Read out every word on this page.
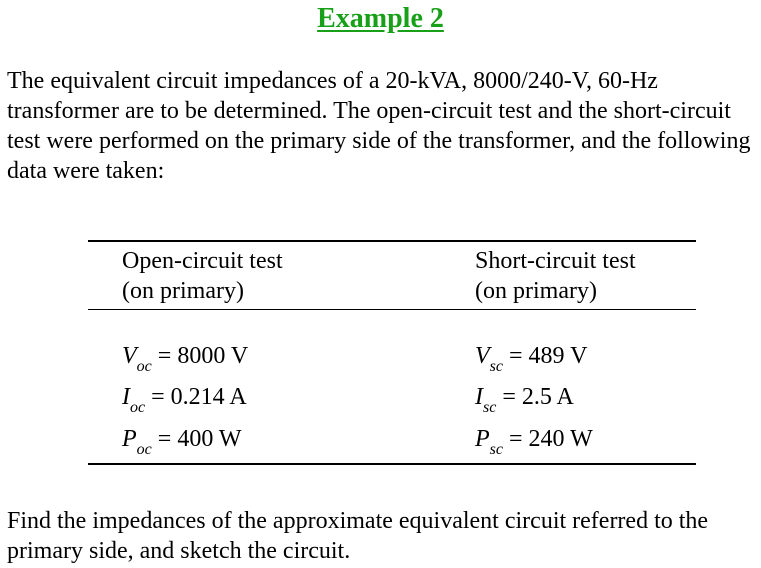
Example 2

The equivalent circuit impedances of a 20-kVA, 8000/240-V, 60-Hz transformer are to be determined. The open-circuit test and the short-circuit test were performed on the primary side of the transformer, and the following data were taken:

Open-circuit test
(on primary)
Short-circuit test
(on primary)
$V_{oc} = 8000$ V
$I_{oc} = 0.214$ A
$P_{oc} = 400$ W
$V_{sc} = 489$ V
$I_{sc} = 2.5$ A
$P_{sc} = 240$ W

Find the impedances of the approximate equivalent circuit referred to the primary side, and sketch the circuit.
